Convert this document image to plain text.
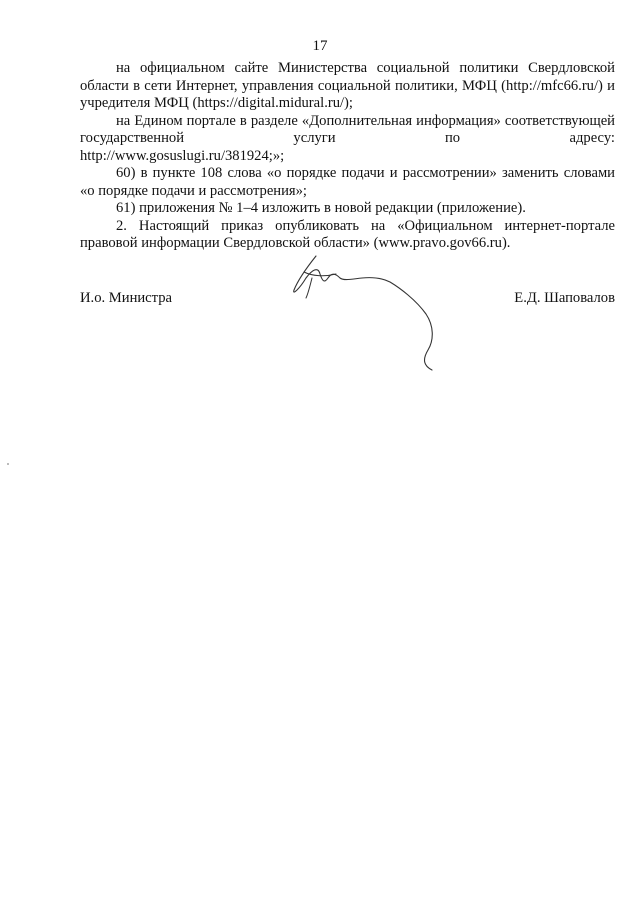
17

на официальном сайте Министерства социальной политики Свердловской области в сети Интернет, управления социальной политики, МФЦ (http://mfc66.ru/) и учредителя МФЦ (https://digital.midural.ru/);

на Едином портале в разделе «Дополнительная информация» соответствующей государственной услуги по адресу:

http://www.gosuslugi.ru/381924;»;

60) в пункте 108 слова «о порядке подачи и рассмотрении» заменить словами «о порядке подачи и рассмотрения»;

61) приложения № 1–4 изложить в новой редакции (приложение).

2. Настоящий приказ опубликовать на «Официальном интернет-портале правовой информации Свердловской области» (www.pravo.gov66.ru).

И.о. Министра	Е.Д. Шаповалов
